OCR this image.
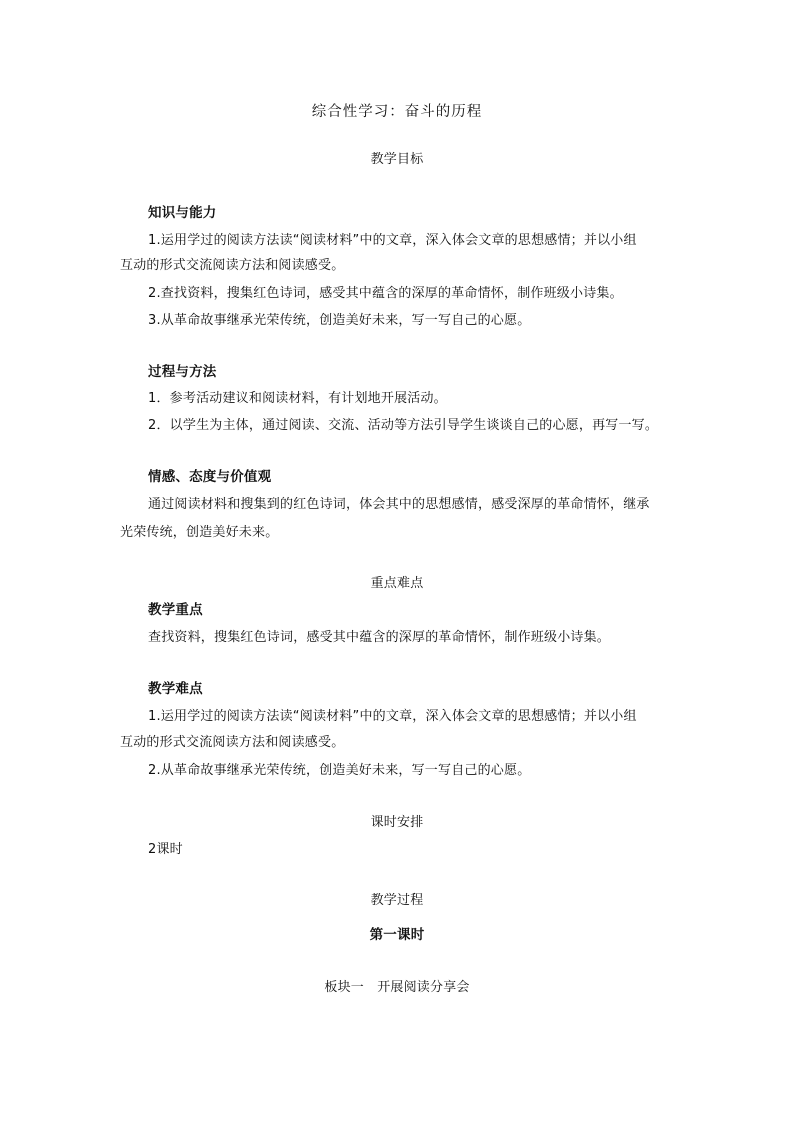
综合性学习：奋斗的历程
教学目标
知识与能力
1.运用学过的阅读方法读“阅读材料”中的文章，深入体会文章的思想感情；并以小组
互动的形式交流阅读方法和阅读感受。
2.查找资料，搜集红色诗词，感受其中蕴含的深厚的革命情怀，制作班级小诗集。
3.从革命故事继承光荣传统，创造美好未来，写一写自己的心愿。
过程与方法
1．参考活动建议和阅读材料，有计划地开展活动。
2．以学生为主体，通过阅读、交流、活动等方法引导学生谈谈自己的心愿，再写一写。
情感、态度与价值观
通过阅读材料和搜集到的红色诗词，体会其中的思想感情，感受深厚的革命情怀，继承
光荣传统，创造美好未来。
重点难点
教学重点
查找资料，搜集红色诗词，感受其中蕴含的深厚的革命情怀，制作班级小诗集。
教学难点
1.运用学过的阅读方法读“阅读材料”中的文章，深入体会文章的思想感情；并以小组
互动的形式交流阅读方法和阅读感受。
2.从革命故事继承光荣传统，创造美好未来，写一写自己的心愿。
课时安排
2课时
教学过程
第一课时
板块一　开展阅读分享会
